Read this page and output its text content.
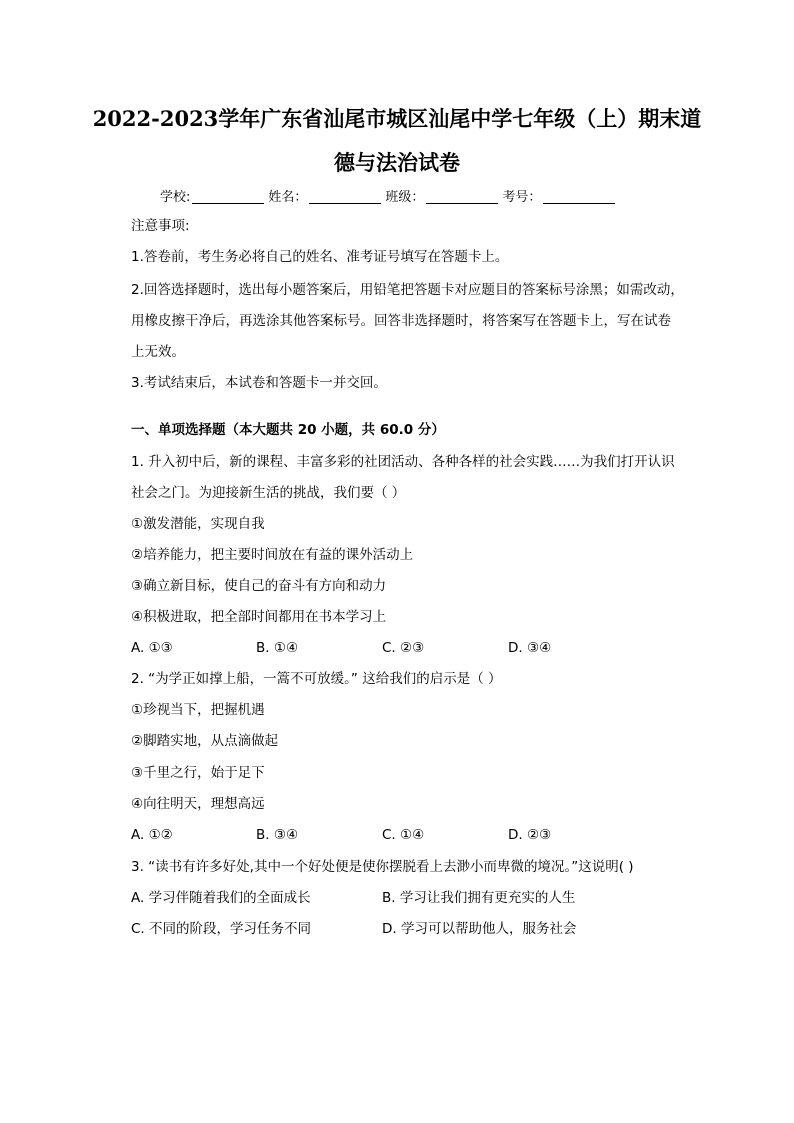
2022-2023学年广东省汕尾市城区汕尾中学七年级（上）期末道
德与法治试卷
学校:	姓名：	班级：	考号：
注意事项:
1.答卷前，考生务必将自己的姓名、准考证号填写在答题卡上。
2.回答选择题时，选出每小题答案后，用铅笔把答题卡对应题目的答案标号涂黑；如需改动，
用橡皮擦干净后，再选涂其他答案标号。回答非选择题时，将答案写在答题卡上，写在试卷
上无效。
3.考试结束后，本试卷和答题卡一并交回。
一、单项选择题（本大题共 20 小题，共 60.0 分）
1. 升入初中后，新的课程、丰富多彩的社团活动、各种各样的社会实践……为我们打开认识
社会之门。为迎接新生活的挑战，我们要（ ）
①激发潜能，实现自我
②培养能力，把主要时间放在有益的课外活动上
③确立新目标，使自己的奋斗有方向和动力
④积极进取，把全部时间都用在书本学习上
A. ①③	B. ①④	C. ②③	D. ③④
2. “为学正如撑上船，一篙不可放缓。” 这给我们的启示是（ ）
①珍视当下，把握机遇
②脚踏实地，从点滴做起
③千里之行，始于足下
④向往明天，理想高远
A. ①②	B. ③④	C. ①④	D. ②③
3. “读书有许多好处,其中一个好处便是使你摆脱看上去渺小而卑微的境况。”这说明( )
A. 学习伴随着我们的全面成长	B. 学习让我们拥有更充实的人生
C. 不同的阶段，学习任务不同	D. 学习可以帮助他人，服务社会
